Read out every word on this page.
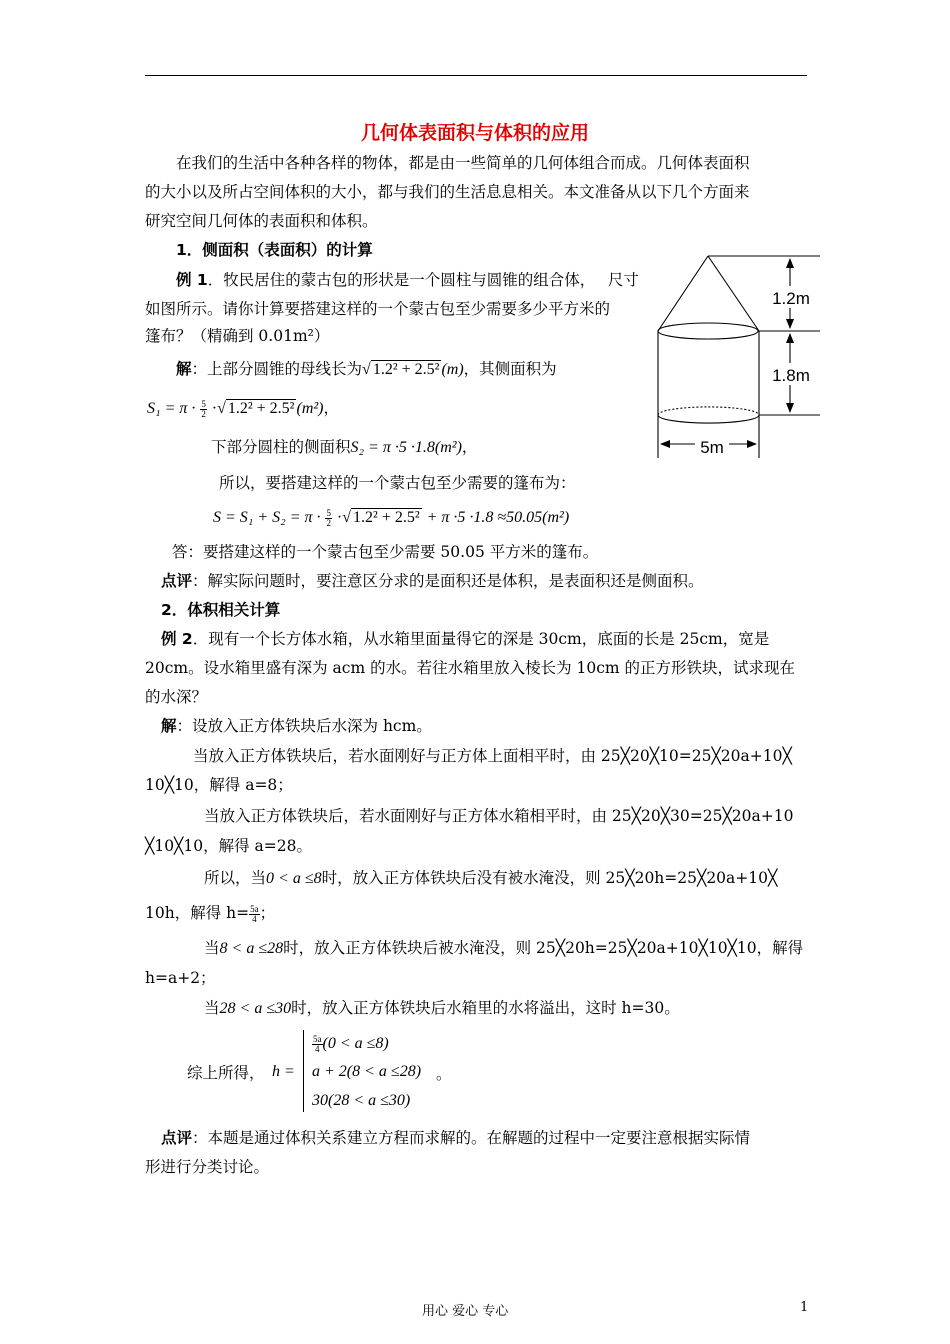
几何体表面积与体积的应用
在我们的生活中各种各样的物体，都是由一些简单的几何体组合而成。几何体表面积
的大小以及所占空间体积的大小，都与我们的生活息息相关。本文准备从以下几个方面来
研究空间几何体的表面积和体积。
1．侧面积（表面积）的计算
例 1．牧民居住的蒙古包的形状是一个圆柱与圆锥的组合体，　 尺寸
如图所示。请你计算要搭建这样的一个蒙古包至少需要多少平方米的
篷布？（精确到 0.01m²）
解：上部分圆锥的母线长为√ 1.2² + 2.5² (m)，其侧面积为
$S_1 = \pi \cdot \frac{5}{2}$ ·√ 1.2² + 2.5² (m²)，
下部分圆柱的侧面积S₂ = π ·5 ·1.8(m²)，
所以，要搭建这样的一个蒙古包至少需要的篷布为：
$S = S_1 + S_2 = \pi \cdot \frac{5}{2}$ ·√ 1.2² + 2.5² + π ·5 ·1.8 ≈50.05(m²)
答：要搭建这样的一个蒙古包至少需要 50.05 平方米的篷布。
点评：解实际问题时，要注意区分求的是面积还是体积，是表面积还是侧面积。
1.2m
1.8m
5m
2．体积相关计算
例 2．现有一个长方体水箱，从水箱里面量得它的深是 30cm，底面的长是 25cm，宽是
20cm。设水箱里盛有深为 acm 的水。若往水箱里放入棱长为 10cm 的正方形铁块，试求现在
的水深？
解：设放入正方体铁块后水深为 hcm。
当放入正方体铁块后，若水面刚好与正方体上面相平时，由 25╳20╳10=25╳20a+10╳
10╳10，解得 a=8；
当放入正方体铁块后，若水面刚好与正方体水箱相平时，由 25╳20╳30=25╳20a+10
╳10╳10，解得 a=28。
所以，当0 < a ≤8时，放入正方体铁块后没有被水淹没，则 25╳20h=25╳20a+10╳
10h，解得 $h= \frac{5a}{4}$ ；
当8 < a ≤28时，放入正方体铁块后被水淹没，则 25╳20h=25╳20a+10╳10╳10，解得
h=a+2；
当28 < a ≤30时，放入正方体铁块后水箱里的水将溢出，这时 h=30。
综上所得， h =
$\frac{5a}{4} (0 < a \le 8)$
a + 2(8 < a ≤28)
30(28 < a ≤30)
。
点评：本题是通过体积关系建立方程而求解的。在解题的过程中一定要注意根据实际情
形进行分类讨论。
用心 爱心 专心	1
